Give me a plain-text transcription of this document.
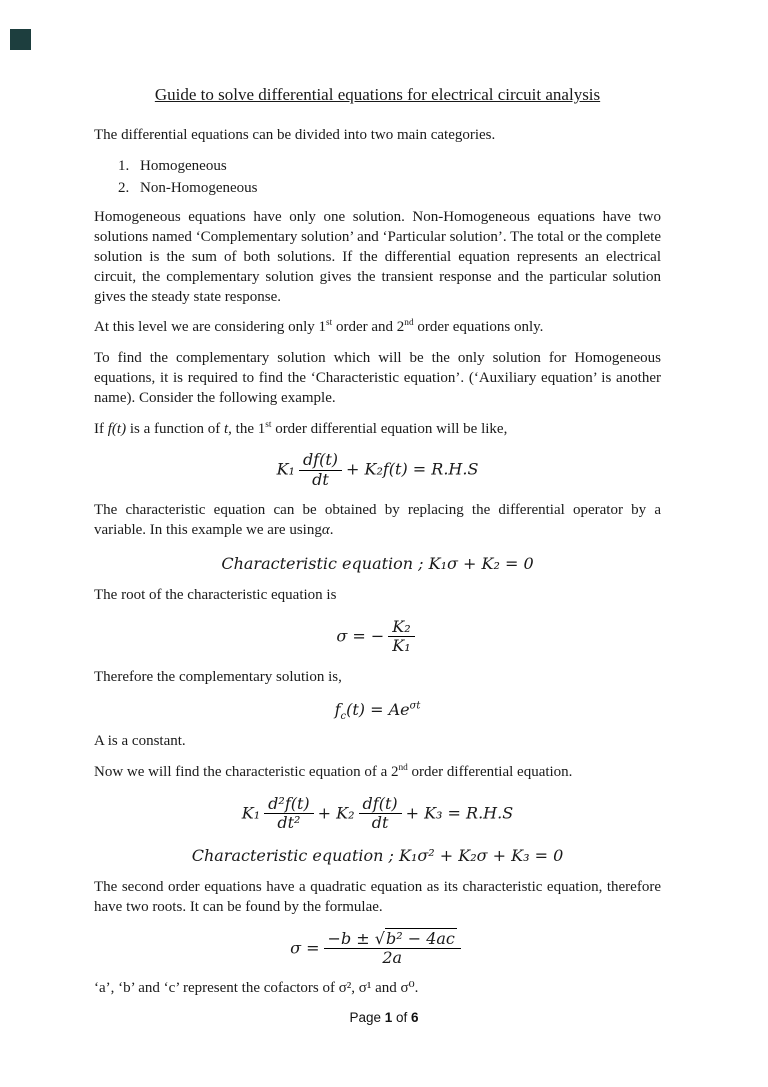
Guide to solve differential equations for electrical circuit analysis

The differential equations can be divided into two main categories.

1. Homogeneous
2. Non-Homogeneous

Homogeneous equations have only one solution. Non-Homogeneous equations have two solutions named ‘Complementary solution’ and ‘Particular solution’. The total or the complete solution is the sum of both solutions. If the differential equation represents an electrical circuit, the complementary solution gives the transient response and the particular solution gives the steady state response.

At this level we are considering only 1st order and 2nd order equations only.

To find the complementary solution which will be the only solution for Homogeneous equations, it is required to find the ‘Characteristic equation’. (‘Auxiliary equation’ is another name). Consider the following example.

If f(t) is a function of t, the 1st order differential equation will be like,

$K_1 \frac{df(t)}{dt} + K_2f(t) = R.H.S$

The characteristic equation can be obtained by replacing the differential operator by a variable. In this example we are usingα.

Characteristic equation ; K₁σ + K₂ = 0

The root of the characteristic equation is

σ = − $\frac{\text{K₂}}{\text{K₁}}$

Therefore the complementary solution is,

$f_c(t) = Ae^{\sigma t}$

A is a constant.

Now we will find the characteristic equation of a 2nd order differential equation.

$K_1 \frac{\text{d²f(t)}}{\text{dt²}} + K_2 \frac{df(t)}{dt} + K_3 = R.H.S$
Characteristic equation ; K₁σ² + K₂σ + K₃ = 0

The second order equations have a quadratic equation as its characteristic equation, therefore have two roots. It can be found by the formulae.

$\sigma = \frac{\text{−b ± √b² − 4ac}}{2a}$

‘a’, ‘b’ and ‘c’ represent the cofactors of σ², σ¹ and σ⁰.

Page 1 of 6
